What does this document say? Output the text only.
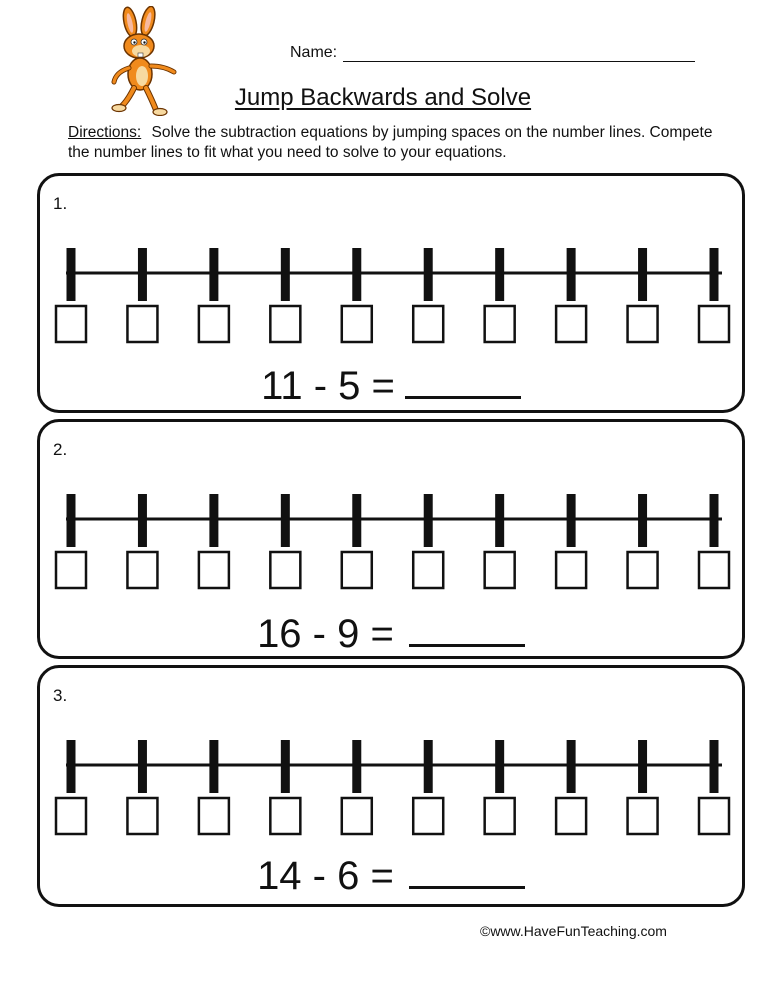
Name:
Jump Backwards and Solve
Directions: Solve the subtraction equations by jumping spaces on the number lines. Compete the number lines to fit what you need to solve to your equations.
1.
11 - 5 =
2.
16 - 9 =
3.
14 - 6 =
©www.HaveFunTeaching.com
